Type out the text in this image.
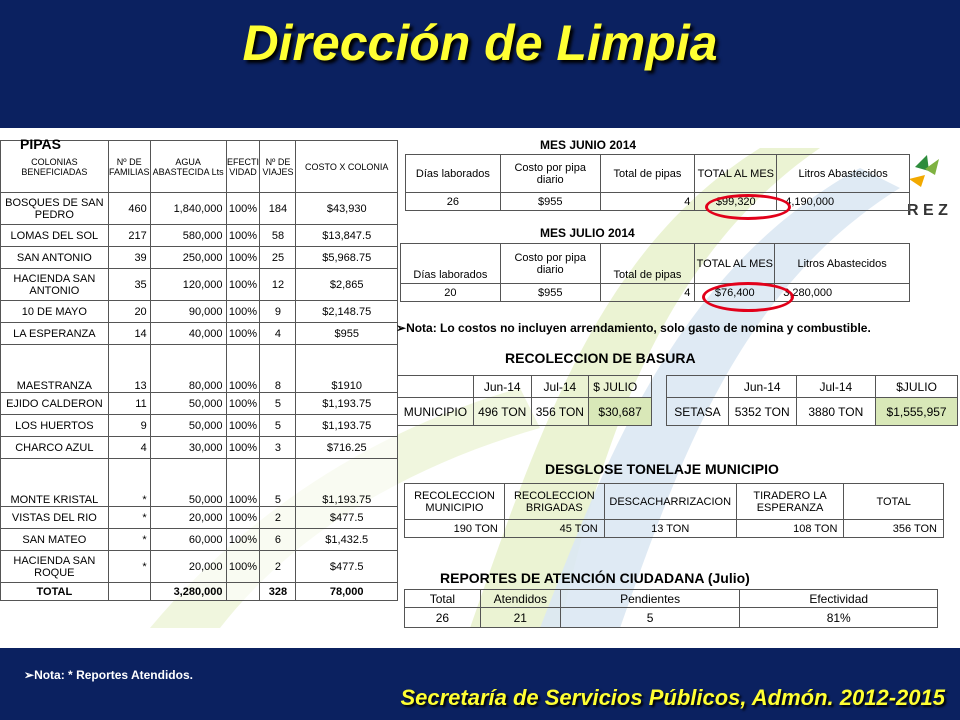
Dirección de Limpia
R E Z
PIPAS
COLONIAS BENEFICIADAS	Nº DE FAMILIAS	AGUA ABASTECIDA Lts	EFECTI VIDAD	Nº DE VIAJES	COSTO X COLONIA
BOSQUES DE SAN PEDRO	460	1,840,000	100%	184	$43,930
LOMAS DEL SOL	217	580,000	100%	58	$13,847.5
SAN ANTONIO	39	250,000	100%	25	$5,968.75
HACIENDA SAN ANTONIO	35	120,000	100%	12	$2,865
10 DE MAYO	20	90,000	100%	9	$2,148.75
LA ESPERANZA	14	40,000	100%	4	$955
MAESTRANZA	13	80,000	100%	8	$1910
EJIDO CALDERON	11	50,000	100%	5	$1,193.75
LOS HUERTOS	9	50,000	100%	5	$1,193.75
CHARCO AZUL	4	30,000	100%	3	$716.25
MONTE KRISTAL	*	50,000	100%	5	$1,193.75
VISTAS DEL RIO	*	20,000	100%	2	$477.5
SAN MATEO	*	60,000	100%	6	$1,432.5
HACIENDA SAN ROQUE	*	20,000	100%	2	$477.5
TOTAL		3,280,000		328	78,000
MES JUNIO 2014
Días laborados	Costo por pipa diario	Total de pipas	TOTAL AL MES	Litros Abastecidos
26	$955	4	$99,320	4,190,000
MES JULIO 2014
Días laborados	Costo por pipa diario	Total de pipas	TOTAL AL MES	Litros Abastecidos
20	$955	4	$76,400	3,280,000
➢Nota: Lo costos no incluyen arrendamiento, solo gasto de nomina y combustible.
RECOLECCION DE BASURA
	Jun-14	Jul-14	$ JULIO
MUNICIPIO	496 TON	356 TON	$30,687
	Jun-14	Jul-14	$JULIO
SETASA	5352 TON	3880 TON	$1,555,957
DESGLOSE TONELAJE MUNICIPIO
RECOLECCION MUNICIPIO	RECOLECCION BRIGADAS	DESCACHARRIZACION	TIRADERO LA ESPERANZA	TOTAL
190 TON	45 TON	13 TON	108 TON	356 TON
REPORTES DE ATENCIÓN CIUDADANA (Julio)
Total	Atendidos	Pendientes	Efectividad
26	21	5	81%
➢Nota: * Reportes Atendidos.
Secretaría de Servicios Públicos, Admón. 2012-2015
